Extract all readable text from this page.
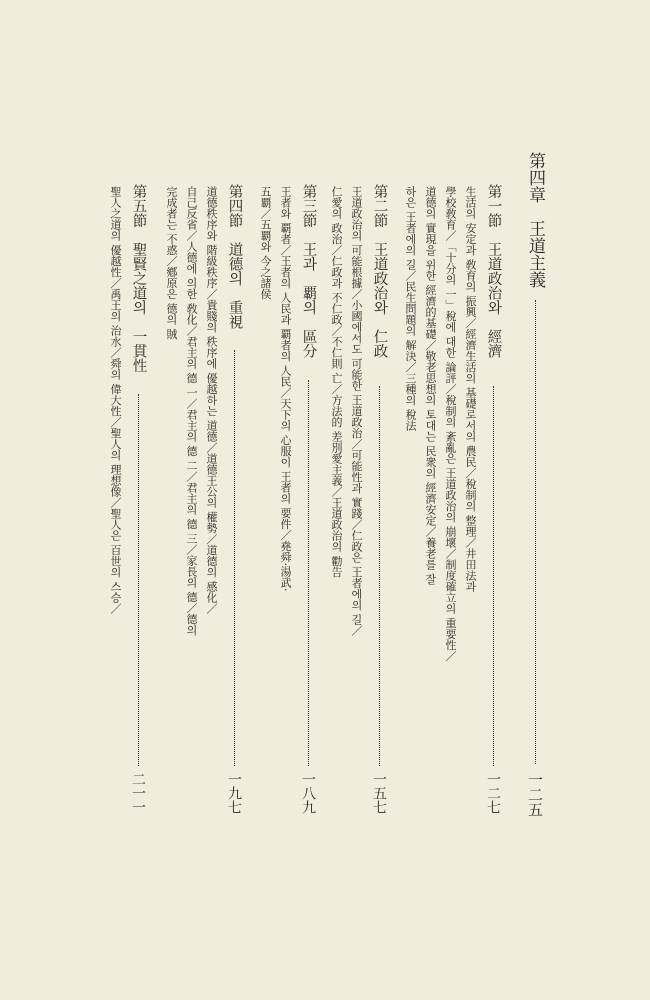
第四章　王道主義
一二五
第一節　王道政治와　經濟
一二七
生活의 安定과 敎育의 振興／經濟生活의 基礎로서의 農民／稅制의 整理／井田法과
學校敎育／「十分의 一」稅에 대한 論評／稅制의 紊亂은 王道政治의 崩壞／制度確立의 重要性／
道德의 實現을 위한 經濟的基礎／敬老思想의 토대는 民衆의 經濟安定／養老를 잘
하은 王者에의 길／民生問題의 解決／三種의 稅法
第二節　王道政治와　仁政
一五七
王道政治의 可能根據／小國에서도 可能한 王道政治／可能性과 實踐／仁政은 王者에의 길／
仁愛의 政治／仁政과 不仁政／不仁則 亡／方法的 差別愛主義／王道政治의 勸告
第三節　王과　覇의　區分
一八九
王者와 覇者／王者의 人民과 覇者의 人民／天下의 心服이 王者의 要件／堯舜·湯武·
五覇／五覇와 今之諸侯
第四節　道德의　重視
一九七
道德秩序와 階級秩序／貴賤의 秩序에 優越하는 道德／道德王公의 權勢／道德의 感化／
自己反省／人德에 의한 敎化／君主의 德 一／君主의 德 二／君主의 德 三／家長의 德／德의
完成者는 不惑／鄕原은 德의 賊
第五節　聖賢之道의　一貫性
二一一
聖人之道의 優越性／禹王의 治水／舜의 偉大性／聖人의 理想像／聖人은 百世의 스승／
